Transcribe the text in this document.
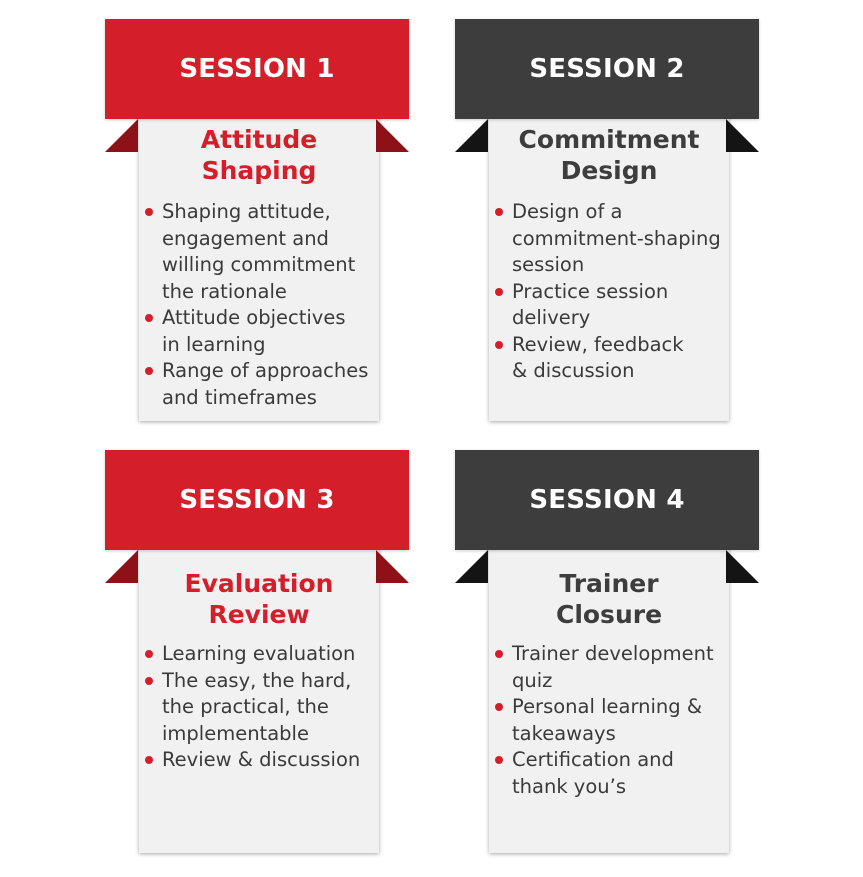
Attitude
Shaping
Shaping attitude,
engagement and
willing commitment
the rationale
Attitude objectives
in learning
Range of approaches
and timeframes
SESSION 1
Commitment
Design
Design of a
commitment-shaping
session
Practice session
delivery
Review, feedback
& discussion
SESSION 2
Evaluation
Review
Learning evaluation
The easy, the hard,
the practical, the
implementable
Review & discussion
SESSION 3
Trainer
Closure
Trainer development
quiz
Personal learning &
takeaways
Certification and
thank you’s
SESSION 4
